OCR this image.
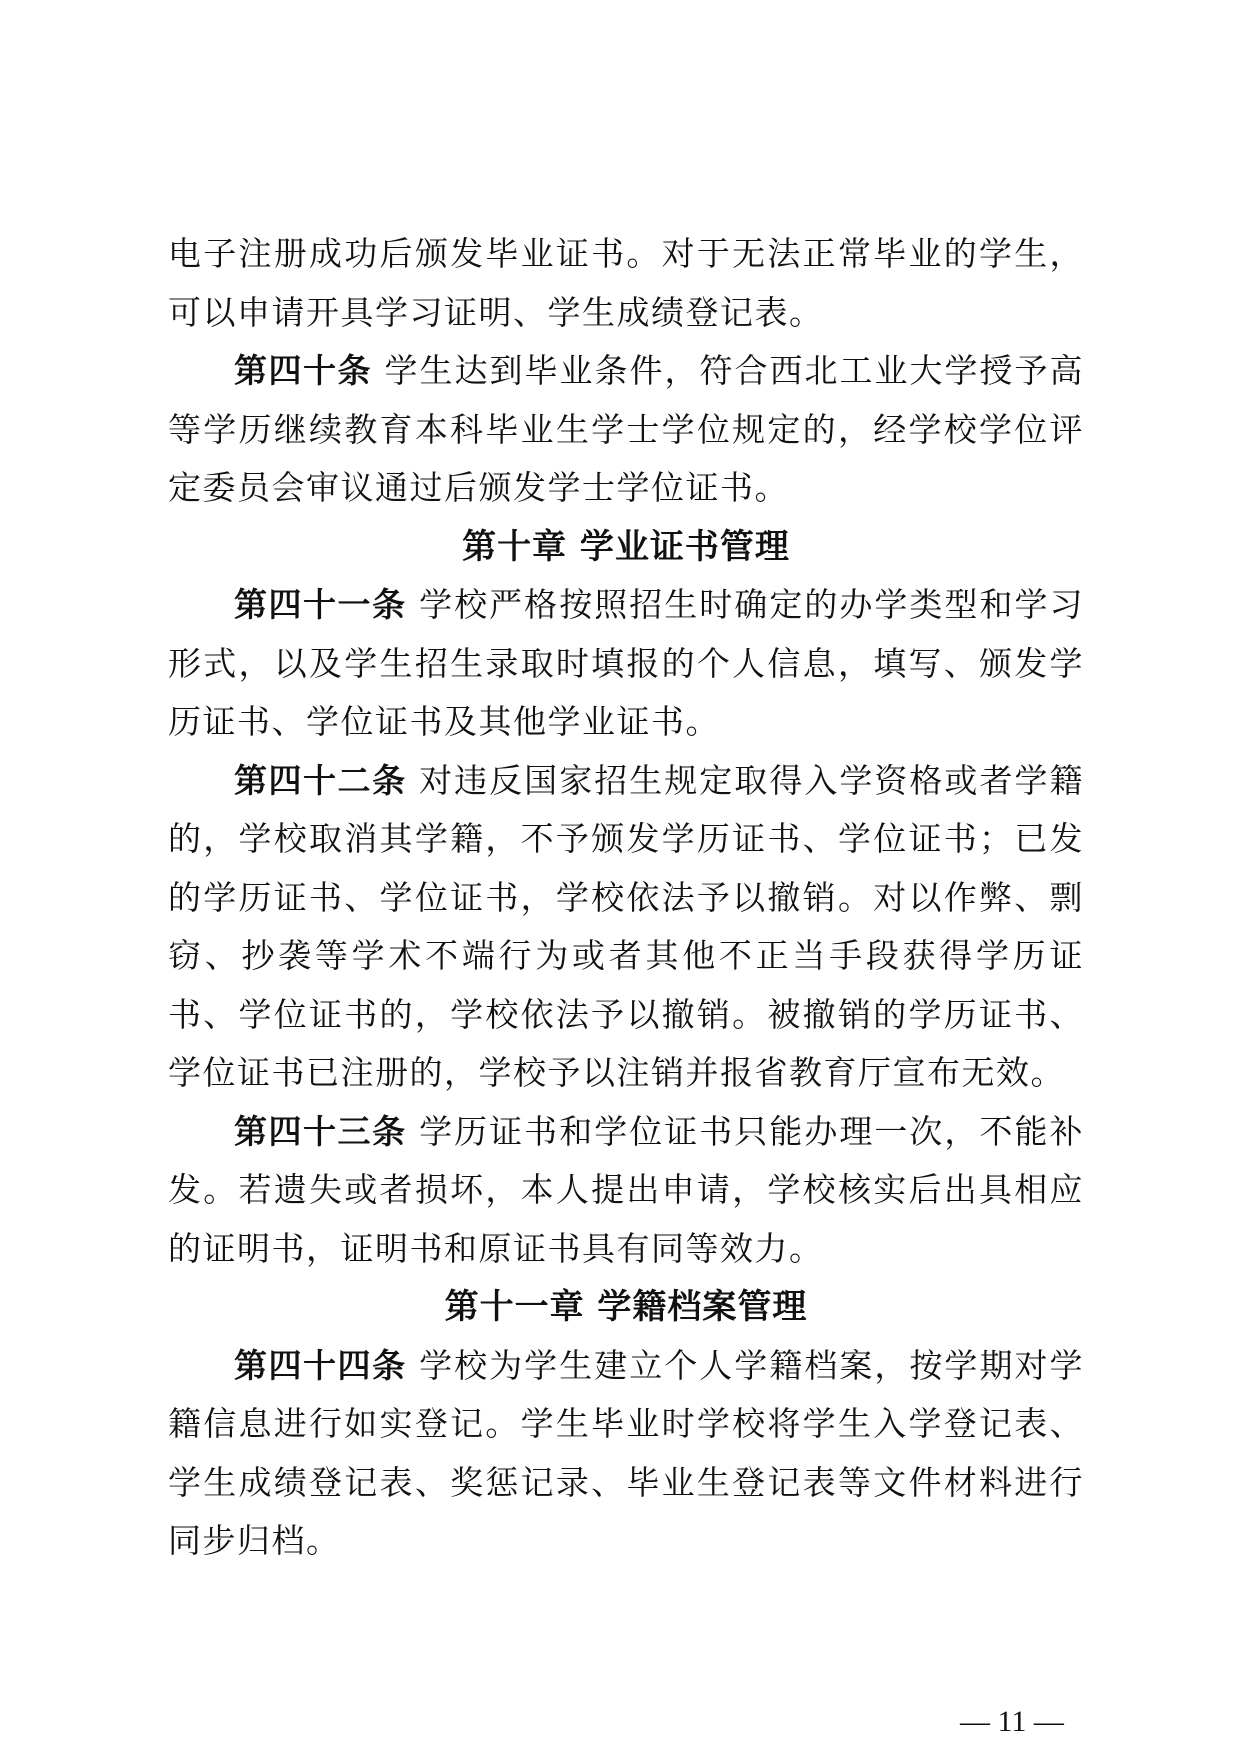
电子注册成功后颁发毕业证书。对于无法正常毕业的学生，可以申请开具学习证明、学生成绩登记表。

第四十条 学生达到毕业条件，符合西北工业大学授予高等学历继续教育本科毕业生学士学位规定的，经学校学位评定委员会审议通过后颁发学士学位证书。

第十章 学业证书管理

第四十一条 学校严格按照招生时确定的办学类型和学习形式，以及学生招生录取时填报的个人信息，填写、颁发学历证书、学位证书及其他学业证书。

第四十二条 对违反国家招生规定取得入学资格或者学籍的，学校取消其学籍，不予颁发学历证书、学位证书；已发的学历证书、学位证书，学校依法予以撤销。对以作弊、剽窃、抄袭等学术不端行为或者其他不正当手段获得学历证书、学位证书的，学校依法予以撤销。被撤销的学历证书、学位证书已注册的，学校予以注销并报省教育厅宣布无效。

第四十三条 学历证书和学位证书只能办理一次，不能补发。若遗失或者损坏，本人提出申请，学校核实后出具相应的证明书，证明书和原证书具有同等效力。

第十一章 学籍档案管理

第四十四条 学校为学生建立个人学籍档案，按学期对学籍信息进行如实登记。学生毕业时学校将学生入学登记表、学生成绩登记表、奖惩记录、毕业生登记表等文件材料进行同步归档。

— 11 —
